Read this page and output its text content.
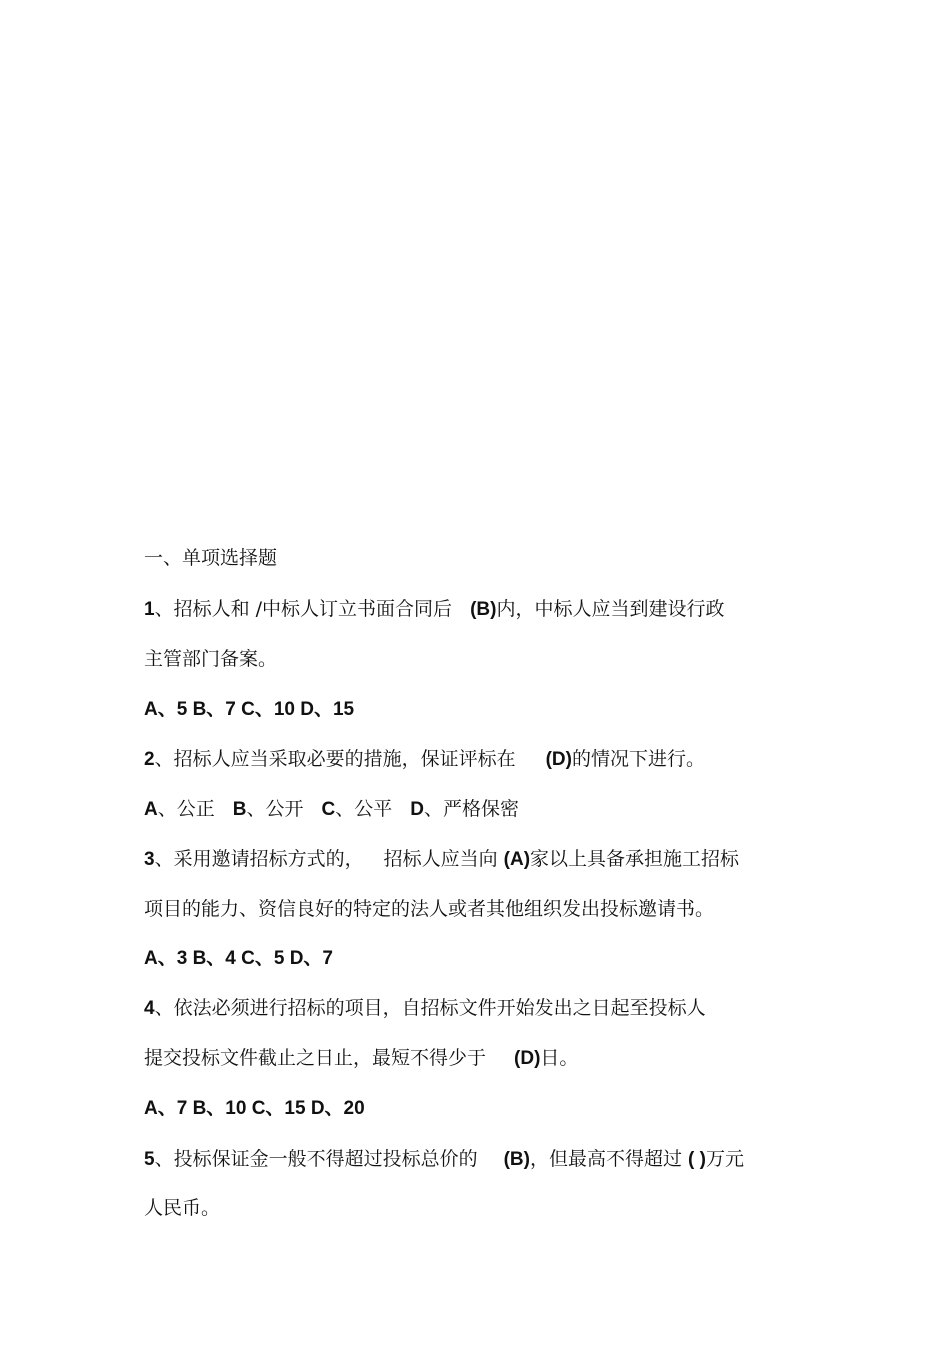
一、单项选择题
1、招标人和 /中标人订立书面合同后 (B)内，中标人应当到建设行政
主管部门备案。
A、5 B、7 C、10 D、15
2、招标人应当采取必要的措施，保证评标在 (D)的情况下进行。
A、公正 B、公开 C、公平 D、严格保密
3、采用邀请招标方式的， 招标人应当向 (A)家以上具备承担施工招标
项目的能力、资信良好的特定的法人或者其他组织发出投标邀请书。
A、3 B、4 C、5 D、7
4、依法必须进行招标的项目，自招标文件开始发出之日起至投标人
提交投标文件截止之日止，最短不得少于 (D)日。
A、7 B、10 C、15 D、20
5、投标保证金一般不得超过投标总价的 (B)，但最高不得超过 ( )万元
人民币。
